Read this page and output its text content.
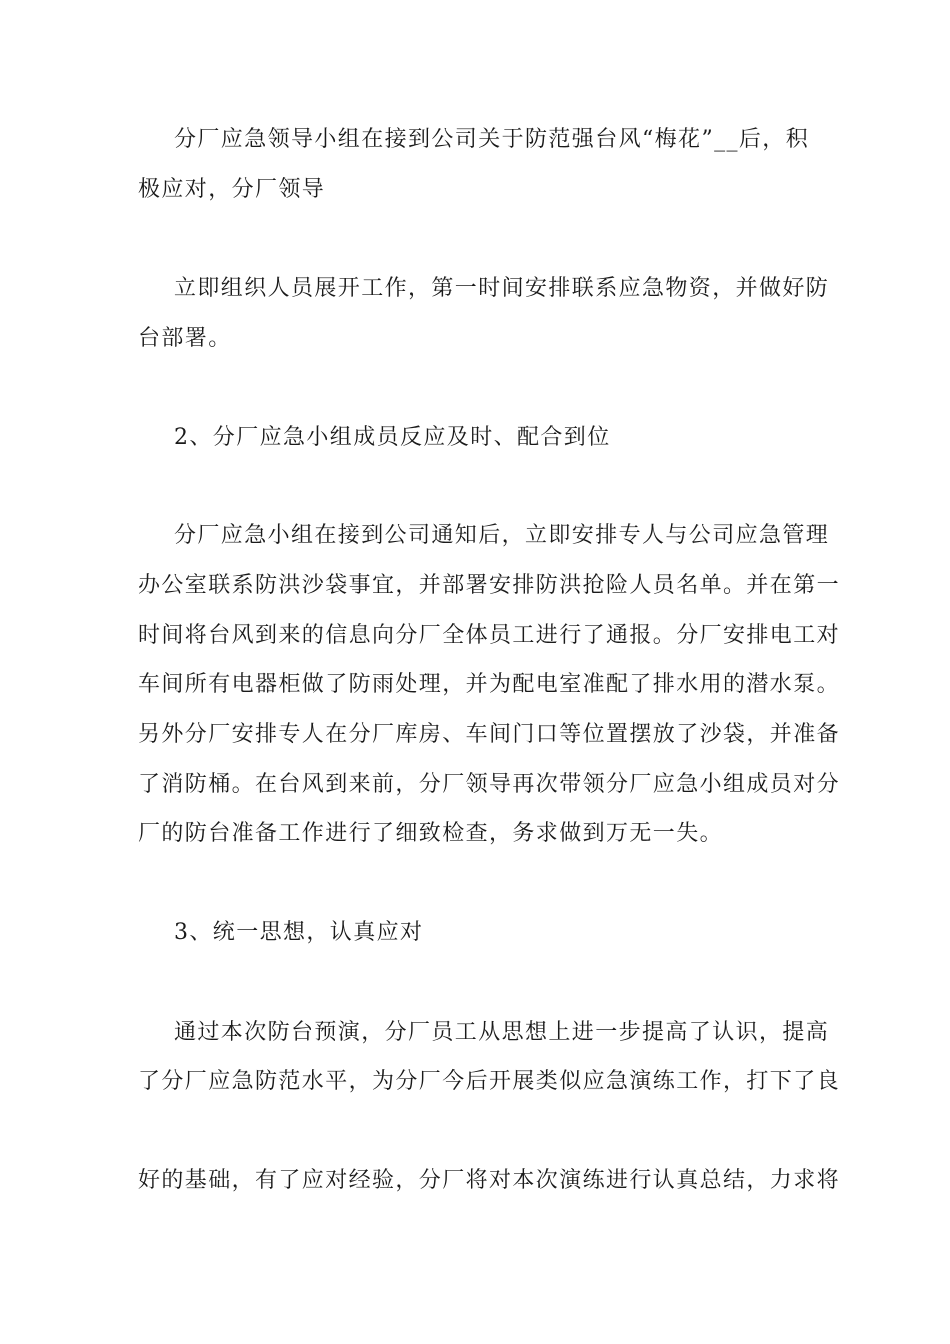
分厂应急领导小组在接到公司关于防范强台风“梅花”__后，积
极应对，分厂领导
立即组织人员展开工作，第一时间安排联系应急物资，并做好防
台部署。
2、分厂应急小组成员反应及时、配合到位
分厂应急小组在接到公司通知后，立即安排专人与公司应急管理
办公室联系防洪沙袋事宜，并部署安排防洪抢险人员名单。并在第一
时间将台风到来的信息向分厂全体员工进行了通报。分厂安排电工对
车间所有电器柜做了防雨处理，并为配电室准配了排水用的潜水泵。
另外分厂安排专人在分厂库房、车间门口等位置摆放了沙袋，并准备
了消防桶。在台风到来前，分厂领导再次带领分厂应急小组成员对分
厂的防台准备工作进行了细致检查，务求做到万无一失。
3、统一思想，认真应对
通过本次防台预演，分厂员工从思想上进一步提高了认识，提高
了分厂应急防范水平，为分厂今后开展类似应急演练工作，打下了良
好的基础，有了应对经验，分厂将对本次演练进行认真总结，力求将
